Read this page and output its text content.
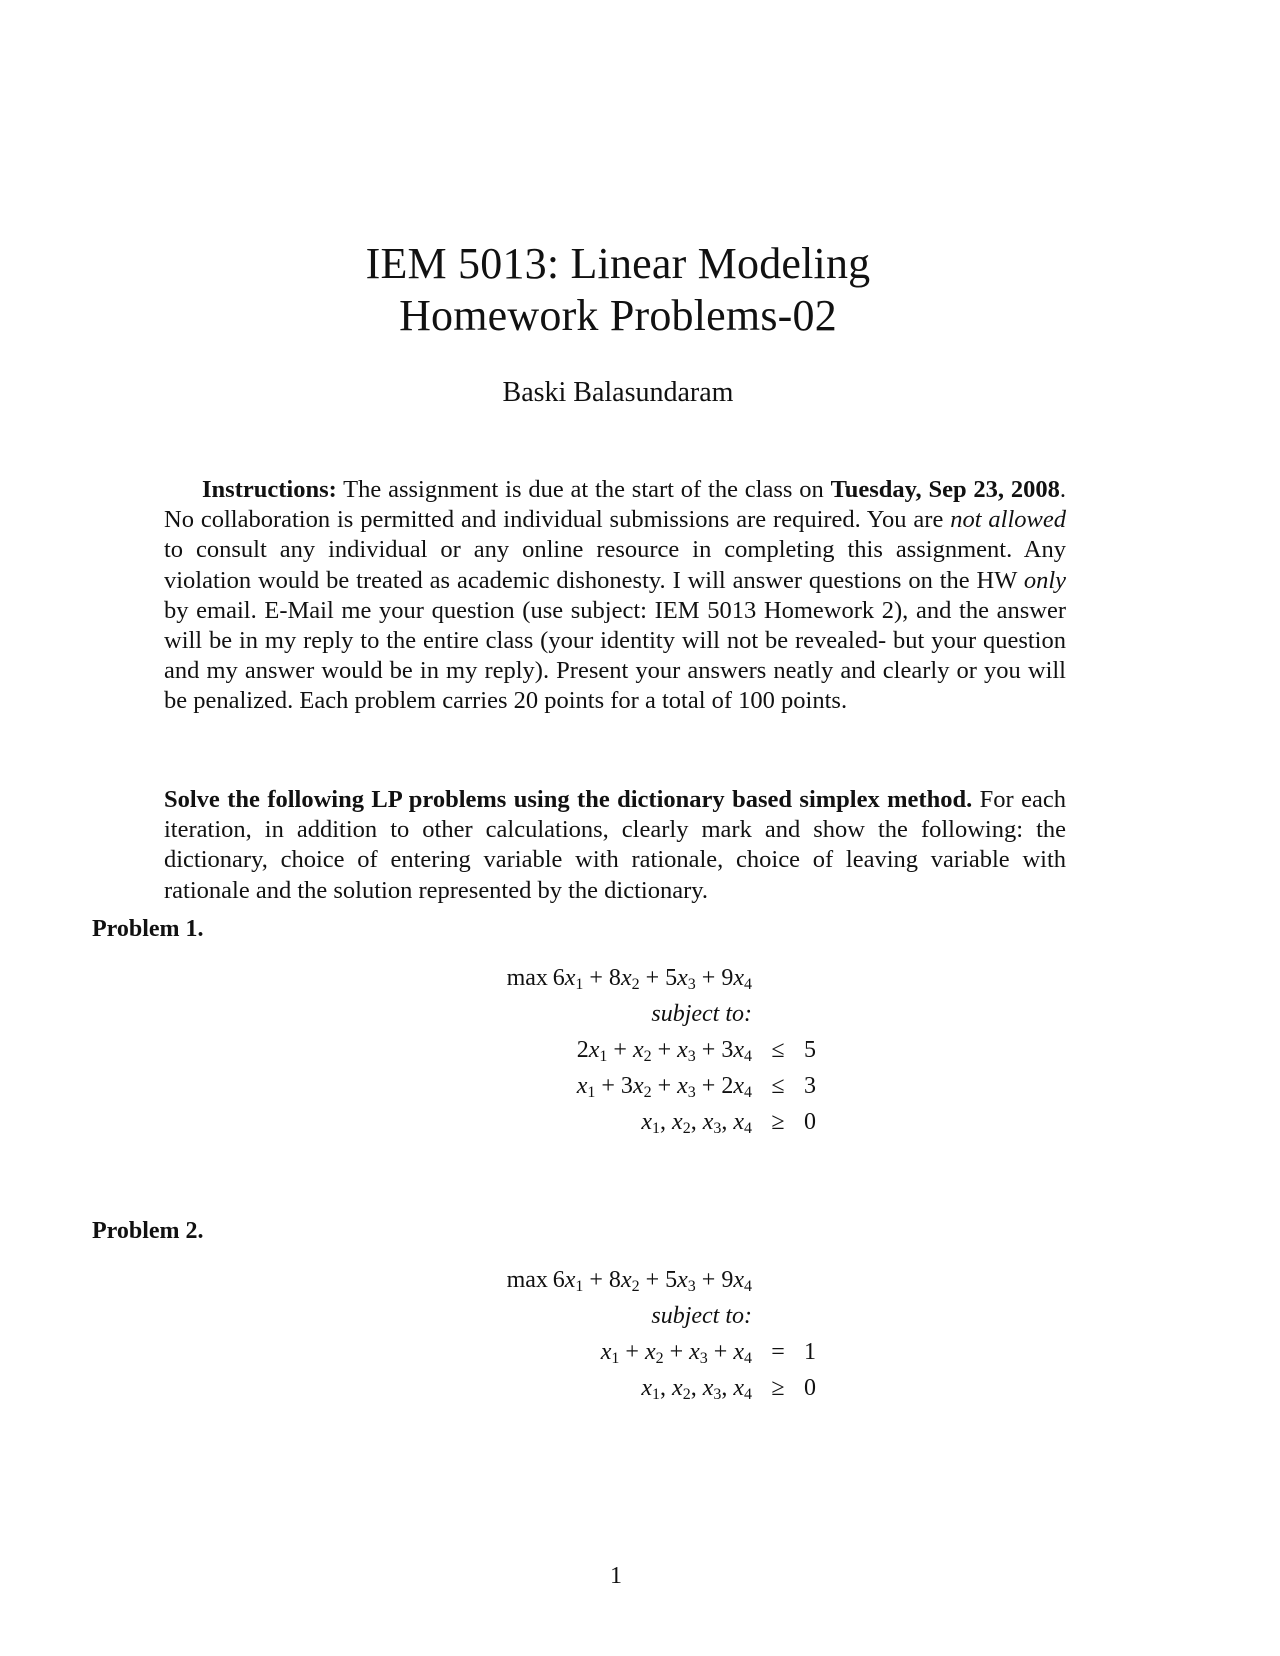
IEM 5013: Linear Modeling
Homework Problems-02
Baski Balasundaram
Instructions: The assignment is due at the start of the class on Tuesday, Sep 23, 2008. No collaboration is permitted and individual submissions are required. You are not allowed to consult any individual or any online resource in completing this assignment. Any violation would be treated as academic dishonesty. I will answer questions on the HW only by email. E-Mail me your question (use subject: IEM 5013 Homework 2), and the answer will be in my reply to the entire class (your identity will not be revealed- but your question and my answer would be in my reply). Present your answers neatly and clearly or you will be penalized. Each problem carries 20 points for a total of 100 points.
Solve the following LP problems using the dictionary based simplex method. For each iteration, in addition to other calculations, clearly mark and show the following: the dictionary, choice of entering variable with rationale, choice of leaving variable with rationale and the solution represented by the dictionary.
Problem 1.
$\max 6x_1 + 8x_2 + 5x_3 + 9x_4$
subject to:
$2x_1 + x_2 + x_3 + 3x_4 \le 5$
$x_1 + 3x_2 + x_3 + 2x_4 \le 3$
$x_1$, $x_2$, $x_3$, $x_4 \ge 0$
Problem 2.
$\max 6x_1 + 8x_2 + 5x_3 + 9x_4$
subject to:
$x_1 + x_2 + x_3 + x_4 = 1$
$x_1$, $x_2$, $x_3$, $x_4 \ge 0$
1
